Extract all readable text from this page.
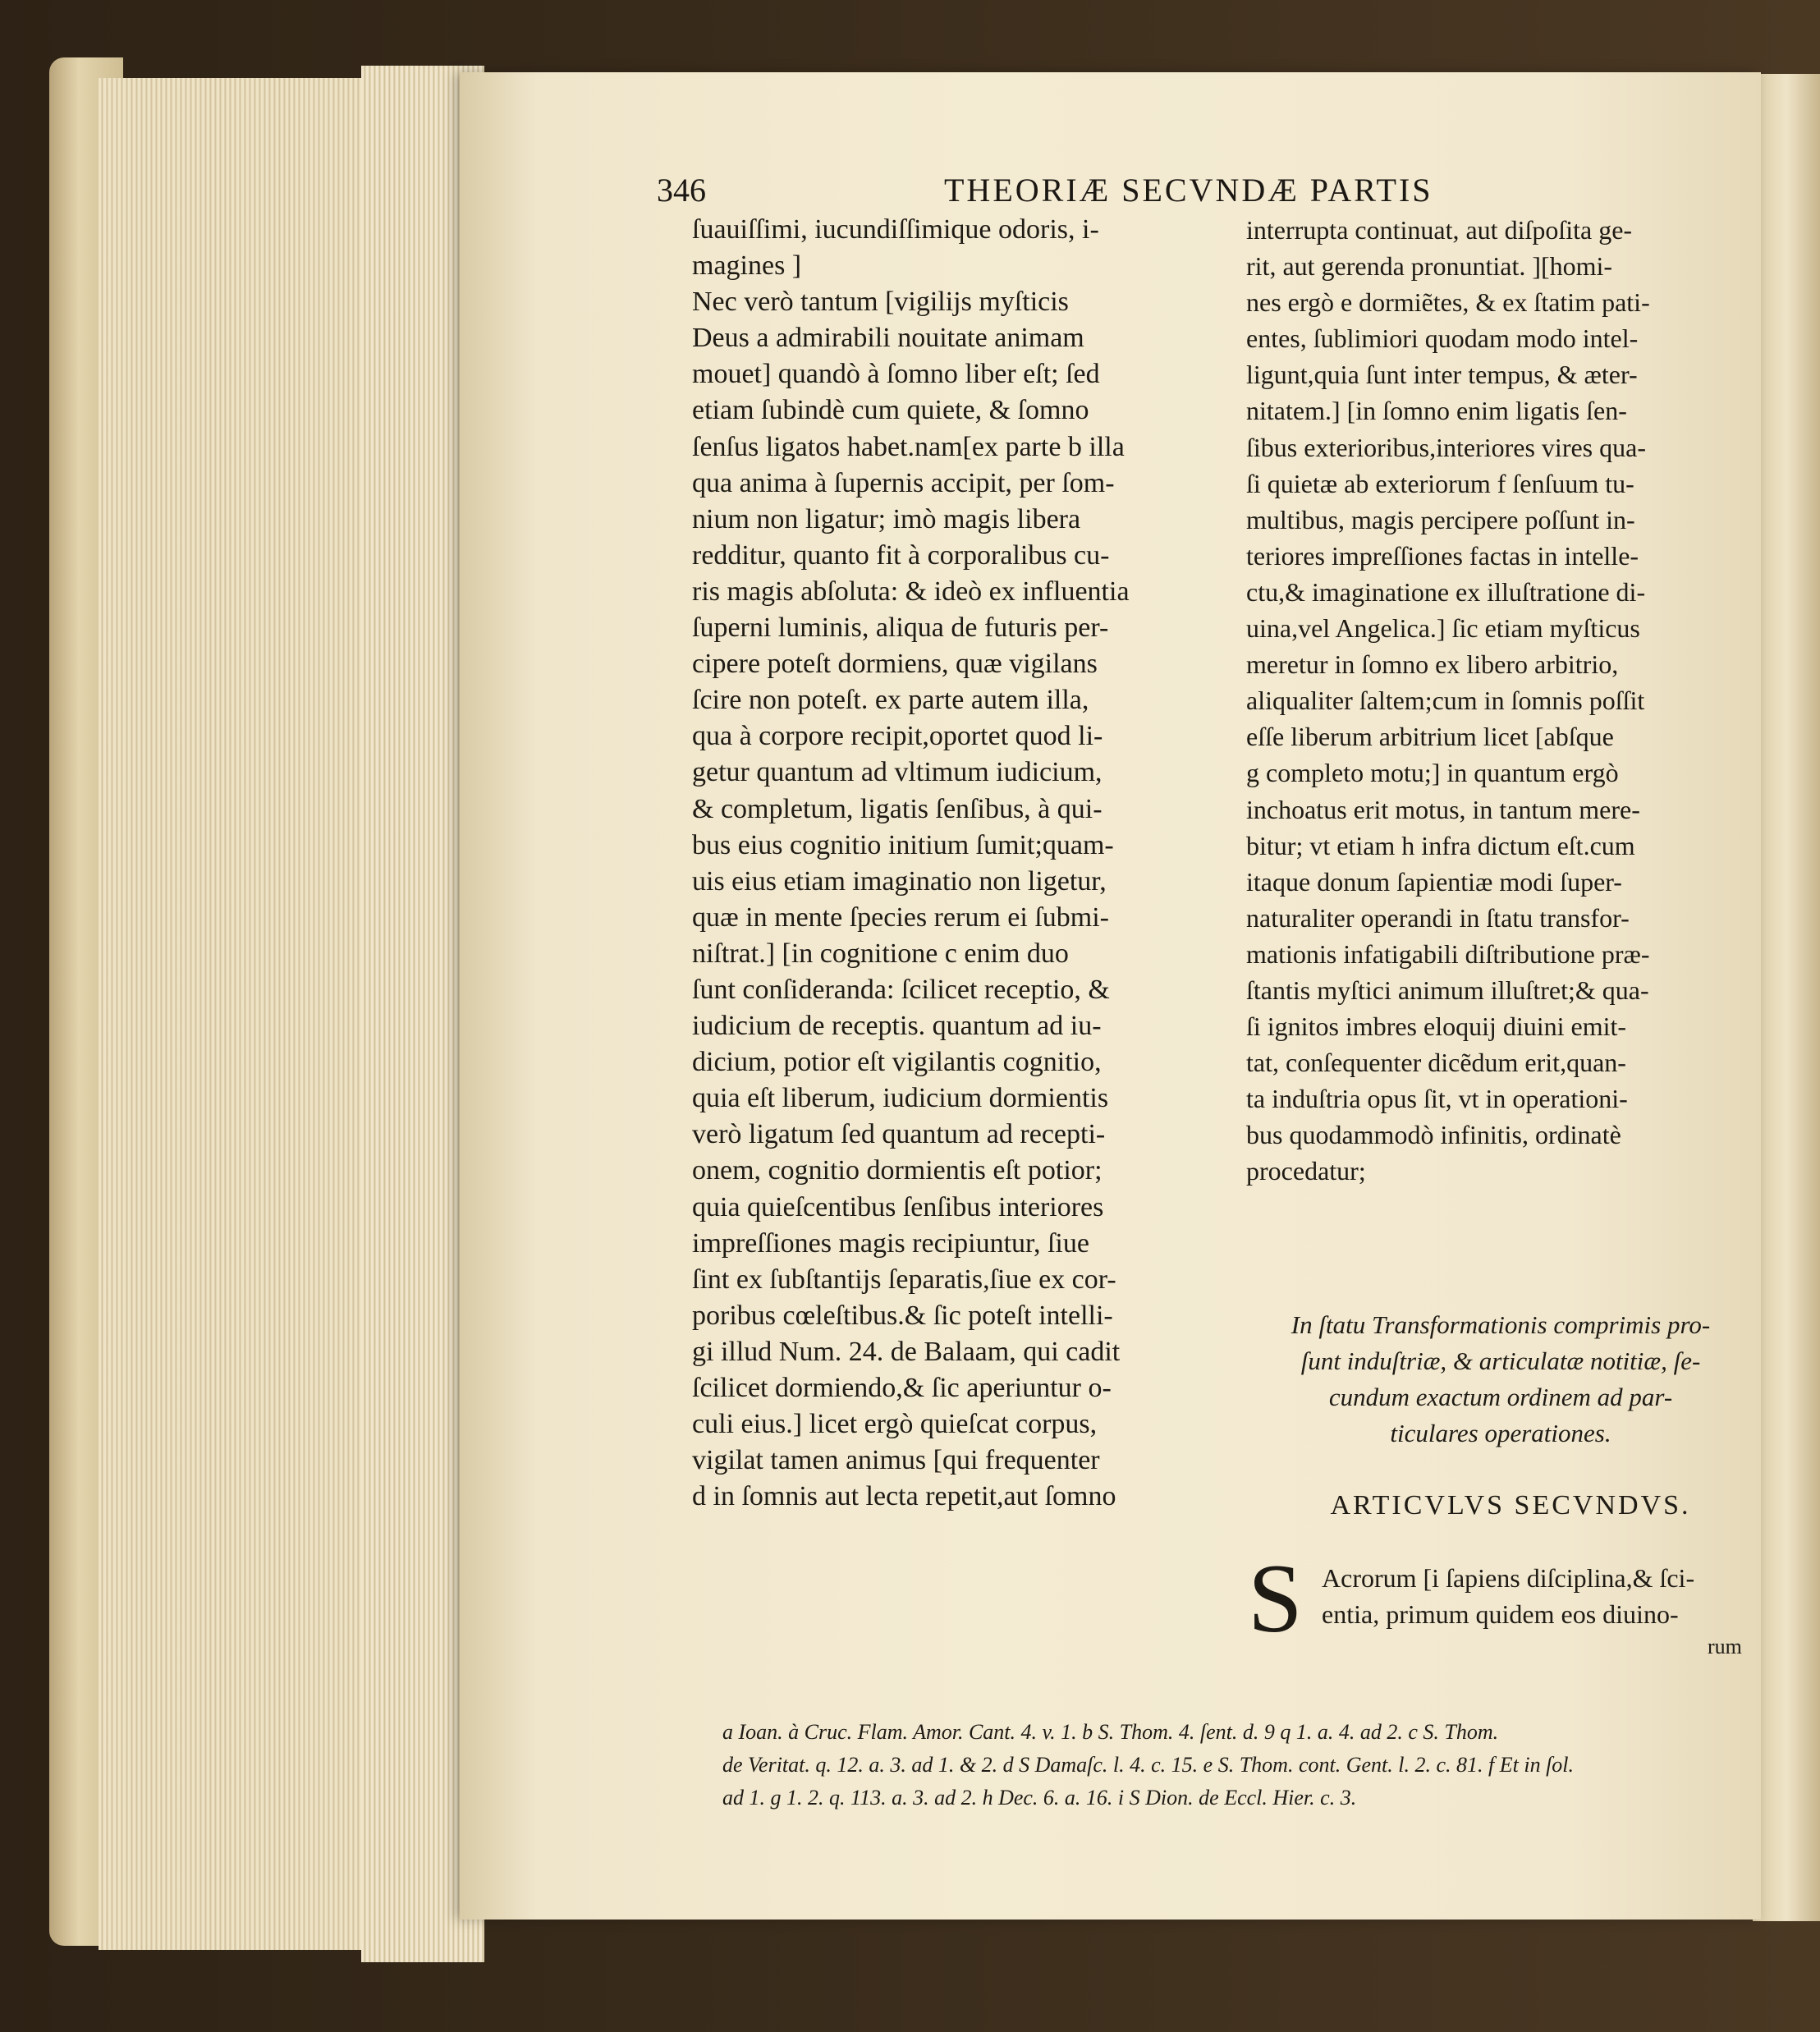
346	THEORIÆ SECVNDÆ PARTIS
ſuauiſſimi, iucundiſſimique odoris, i-
magines ]
Nec verò tantum [vigilijs myſticis
Deus a admirabili nouitate animam
mouet] quandò à ſomno liber eſt; ſed
etiam ſubindè cum quiete, & ſomno
ſenſus ligatos habet.nam[ex parte b illa
qua anima à ſupernis accipit, per ſom-
nium non ligatur; imò magis libera
redditur, quanto fit à corporalibus cu-
ris magis abſoluta: & ideò ex influentia
ſuperni luminis, aliqua de futuris per-
cipere poteſt dormiens, quæ vigilans
ſcire non poteſt. ex parte autem illa,
qua à corpore recipit,oportet quod li-
getur quantum ad vltimum iudicium,
& completum, ligatis ſenſibus, à qui-
bus eius cognitio initium ſumit;quam-
uis eius etiam imaginatio non ligetur,
quæ in mente ſpecies rerum ei ſubmi-
niſtrat.] [in cognitione c enim duo
ſunt conſideranda: ſcilicet receptio, &
iudicium de receptis. quantum ad iu-
dicium, potior eſt vigilantis cognitio,
quia eſt liberum, iudicium dormientis
verò ligatum ſed quantum ad recepti-
onem, cognitio dormientis eſt potior;
quia quieſcentibus ſenſibus interiores
impreſſiones magis recipiuntur, ſiue
ſint ex ſubſtantijs ſeparatis,ſiue ex cor-
poribus cœleſtibus.& ſic poteſt intelli-
gi illud Num. 24. de Balaam, qui cadit
ſcilicet dormiendo,& ſic aperiuntur o-
culi eius.] licet ergò quieſcat corpus,
vigilat tamen animus [qui frequenter
d in ſomnis aut lecta repetit,aut ſomno
interrupta continuat, aut diſpoſita ge-
rit, aut gerenda pronuntiat. ][homi-
nes ergò e dormiẽtes, & ex ſtatim pati-
entes, ſublimiori quodam modo intel-
ligunt,quia ſunt inter tempus, & æter-
nitatem.] [in ſomno enim ligatis ſen-
ſibus exterioribus,interiores vires qua-
ſi quietæ ab exteriorum f ſenſuum tu-
multibus, magis percipere poſſunt in-
teriores impreſſiones factas in intelle-
ctu,& imaginatione ex illuſtratione di-
uina,vel Angelica.] ſic etiam myſticus
meretur in ſomno ex libero arbitrio,
aliqualiter ſaltem;cum in ſomnis poſſit
eſſe liberum arbitrium licet [abſque
g completo motu;] in quantum ergò
inchoatus erit motus, in tantum mere-
bitur; vt etiam h infra dictum eſt.cum
itaque donum ſapientiæ modi ſuper-
naturaliter operandi in ſtatu transfor-
mationis infatigabili diſtributione præ-
ſtantis myſtici animum illuſtret;& qua-
ſi ignitos imbres eloquij diuini emit-
tat, conſequenter dicẽdum erit,quan-
ta induſtria opus ſit, vt in operationi-
bus quodammodò infinitis, ordinatè
procedatur;
In ſtatu Transformationis comprimis pro-
ſunt induſtriæ, & articulatæ notitiæ, ſe-
cundum exactum ordinem ad par-
ticulares operationes.
ARTICVLVS SECVNDVS.
S Acrorum [i ſapiens diſciplina,& ſci-
entia, primum quidem eos diuino-
rum
a Ioan. à Cruc. Flam. Amor. Cant. 4. v. 1. b S. Thom. 4. ſent. d. 9 q 1. a. 4. ad 2. c S. Thom.
de Veritat. q. 12. a. 3. ad 1. & 2. d S Damaſc. l. 4. c. 15. e S. Thom. cont. Gent. l. 2. c. 81. f Et in ſol.
ad 1. g 1. 2. q. 113. a. 3. ad 2. h Dec. 6. a. 16. i S Dion. de Eccl. Hier. c. 3.
